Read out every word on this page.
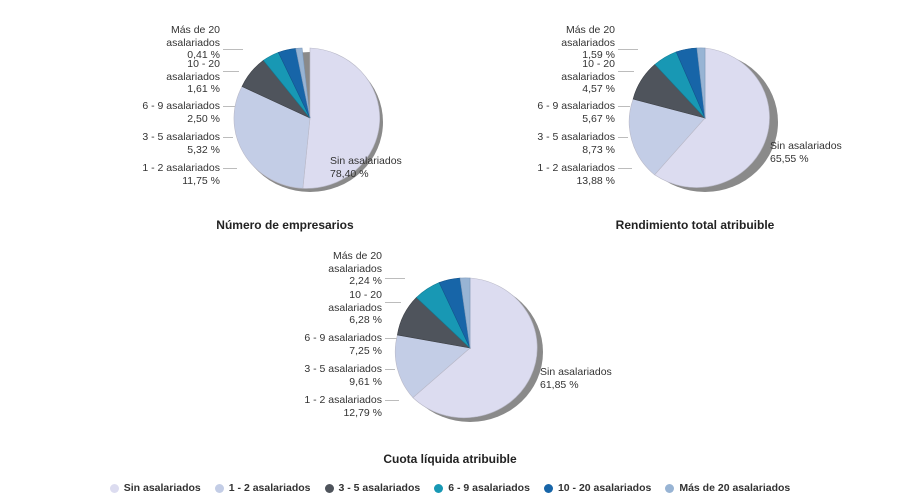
Más de 20
asalariados
0,41 %
10 - 20
asalariados
1,61 %
6 - 9 asalariados
2,50 %
3 - 5 asalariados
5,32 %
1 - 2 asalariados
11,75 %
Sin asalariados
78,40 %
Número de empresarios
Más de 20
asalariados
1,59 %
10 - 20
asalariados
4,57 %
6 - 9 asalariados
5,67 %
3 - 5 asalariados
8,73 %
1 - 2 asalariados
13,88 %
Sin asalariados
65,55 %
Rendimiento total atribuible
Más de 20
asalariados
2,24 %
10 - 20
asalariados
6,28 %
6 - 9 asalariados
7,25 %
3 - 5 asalariados
9,61 %
1 - 2 asalariados
12,79 %
Sin asalariados
61,85 %
Cuota líquida atribuible
Sin asalariados	1 - 2 asalariados	3 - 5 asalariados	6 - 9 asalariados	10 - 20 asalariados	Más de 20 asalariados
